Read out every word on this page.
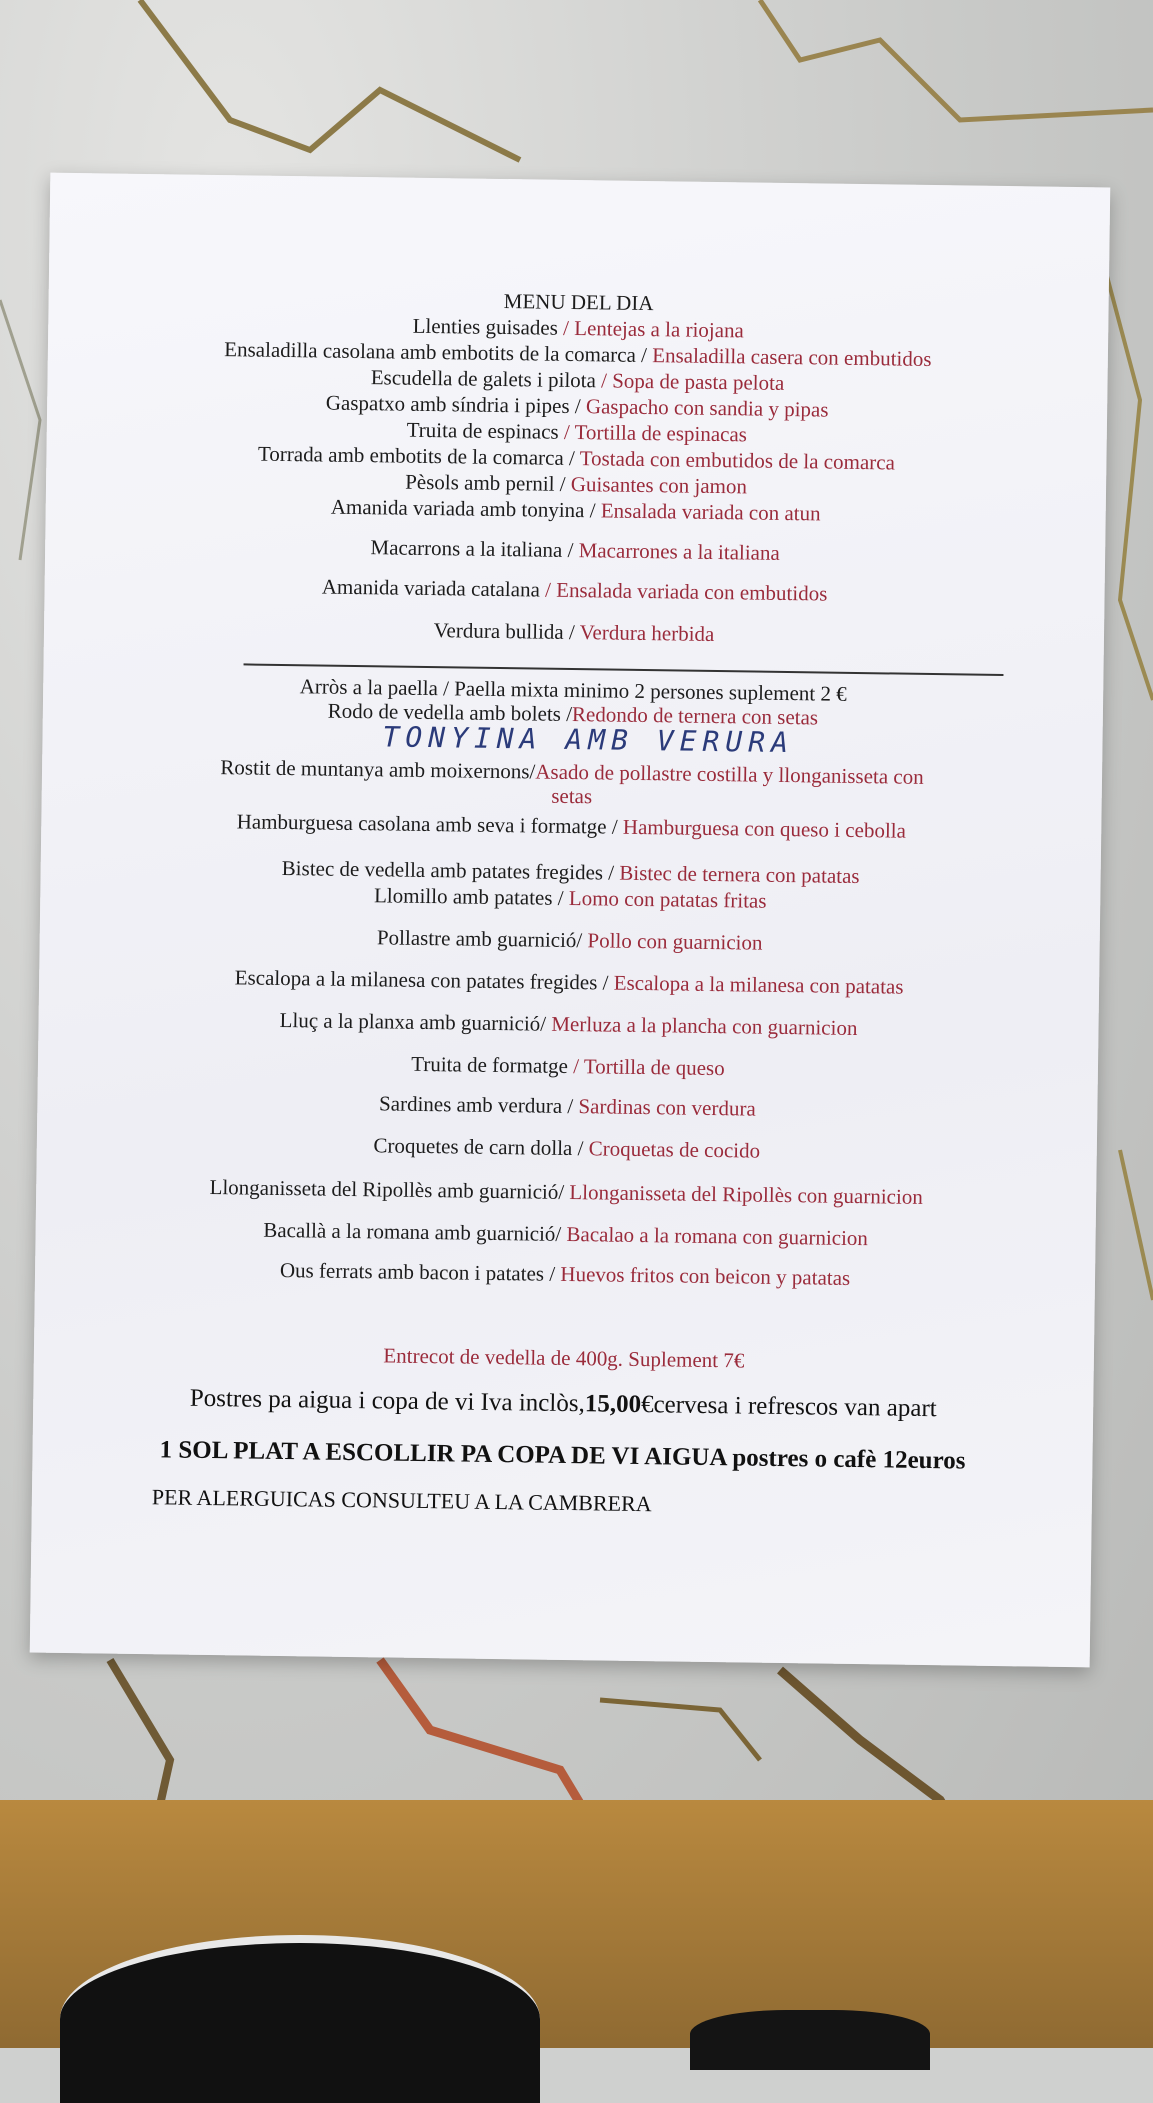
MENU DEL DIA
Llenties guisades / Lentejas a la riojana
Ensaladilla casolana amb embotits de la comarca / Ensaladilla casera con embutidos
Escudella de galets i pilota / Sopa de pasta pelota
Gaspatxo amb síndria i pipes / Gaspacho con sandia y pipas
Truita de espinacs / Tortilla de espinacas
Torrada amb embotits de la comarca / Tostada con embutidos de la comarca
Pèsols amb pernil / Guisantes con jamon
Amanida variada amb tonyina / Ensalada variada con atun
Macarrons a la italiana / Macarrones a la italiana
Amanida variada catalana / Ensalada variada con embutidos
Verdura bullida / Verdura herbida
Arròs a la paella / Paella mixta minimo 2 persones suplement 2 €
Rodo de vedella amb bolets /Redondo de ternera con setas
TONYINA AMB VERURA
Rostit de muntanya amb moixernons/Asado de pollastre costilla y llonganisseta con
setas
Hamburguesa casolana amb seva i formatge / Hamburguesa con queso i cebolla
Bistec de vedella amb patates fregides / Bistec de ternera con patatas
Llomillo amb patates / Lomo con patatas fritas
Pollastre amb guarnició/ Pollo con guarnicion
Escalopa a la milanesa con patates fregides / Escalopa a la milanesa con patatas
Lluç a la planxa amb guarnició/ Merluza a la plancha con guarnicion
Truita de formatge / Tortilla de queso
Sardines amb verdura / Sardinas con verdura
Croquetes de carn dolla / Croquetas de cocido
Llonganisseta del Ripollès amb guarnició/ Llonganisseta del Ripollès con guarnicion
Bacallà a la romana amb guarnició/ Bacalao a la romana con guarnicion
Ous ferrats amb bacon i patates / Huevos fritos con beicon y patatas
Entrecot de vedella de 400g. Suplement 7€
Postres pa aigua i copa de vi Iva inclòs,15,00€cervesa i refrescos van apart
1 SOL PLAT A ESCOLLIR PA COPA DE VI AIGUA postres o cafè 12euros
PER ALERGUICAS CONSULTEU A LA CAMBRERA
